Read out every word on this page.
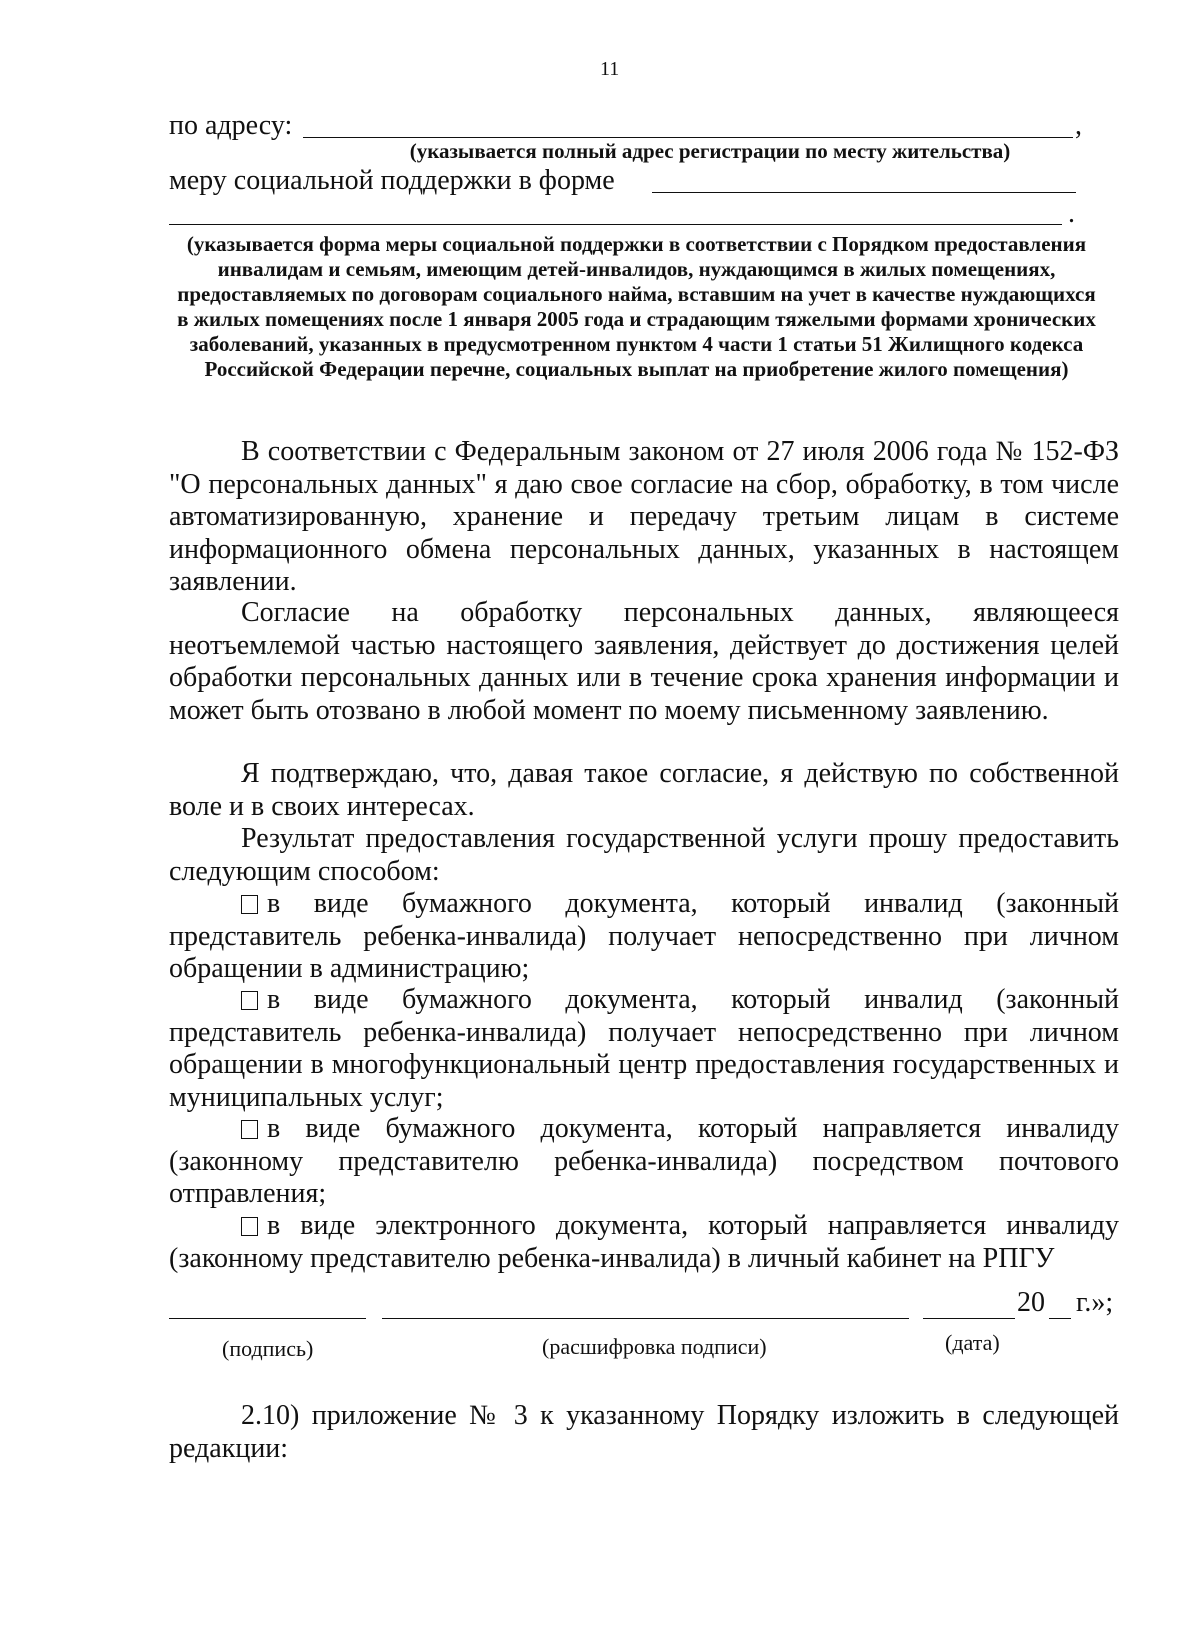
11
по адресу:	,
(указывается полный адрес регистрации по месту жительства)
меру социальной поддержки в форме
.
(указывается форма меры социальной поддержки в соответствии с Порядком предоставления инвалидам и семьям, имеющим детей-инвалидов, нуждающимся в жилых помещениях, предоставляемых по договорам социального найма, вставшим на учет в качестве нуждающихся в жилых помещениях после 1 января 2005 года и страдающим тяжелыми формами хронических заболеваний, указанных в предусмотренном пунктом 4 части 1 статьи 51 Жилищного кодекса Российской Федерации перечне, социальных выплат на приобретение жилого помещения)
В соответствии с Федеральным законом от 27 июля 2006 года № 152-ФЗ "О персональных данных" я даю свое согласие на сбор, обработку, в том числе автоматизированную, хранение и передачу третьим лицам в системе информационного обмена персональных данных, указанных в настоящем заявлении.
Согласие на обработку персональных данных, являющееся неотъемлемой частью настоящего заявления, действует до достижения целей обработки персональных данных или в течение срока хранения информации и может быть отозвано в любой момент по моему письменному заявлению.
Я подтверждаю, что, давая такое согласие, я действую по собственной воле и в своих интересах.
Результат предоставления государственной услуги прошу предоставить следующим способом:
в виде бумажного документа, который инвалид (законный представитель ребенка-инвалида) получает непосредственно при личном обращении в администрацию;
в виде бумажного документа, который инвалид (законный представитель ребенка-инвалида) получает непосредственно при личном обращении в многофункциональный центр предоставления государственных и муниципальных услуг;
в виде бумажного документа, который направляется инвалиду (законному представителю ребенка-инвалида) посредством почтового отправления;
в виде электронного документа, который направляется инвалиду (законному представителю ребенка-инвалида) в личный кабинет на РПГУ
20 г.»;
(подпись)	(расшифровка подписи)	(дата)
2.10) приложение № 3 к указанному Порядку изложить в следующей редакции:
